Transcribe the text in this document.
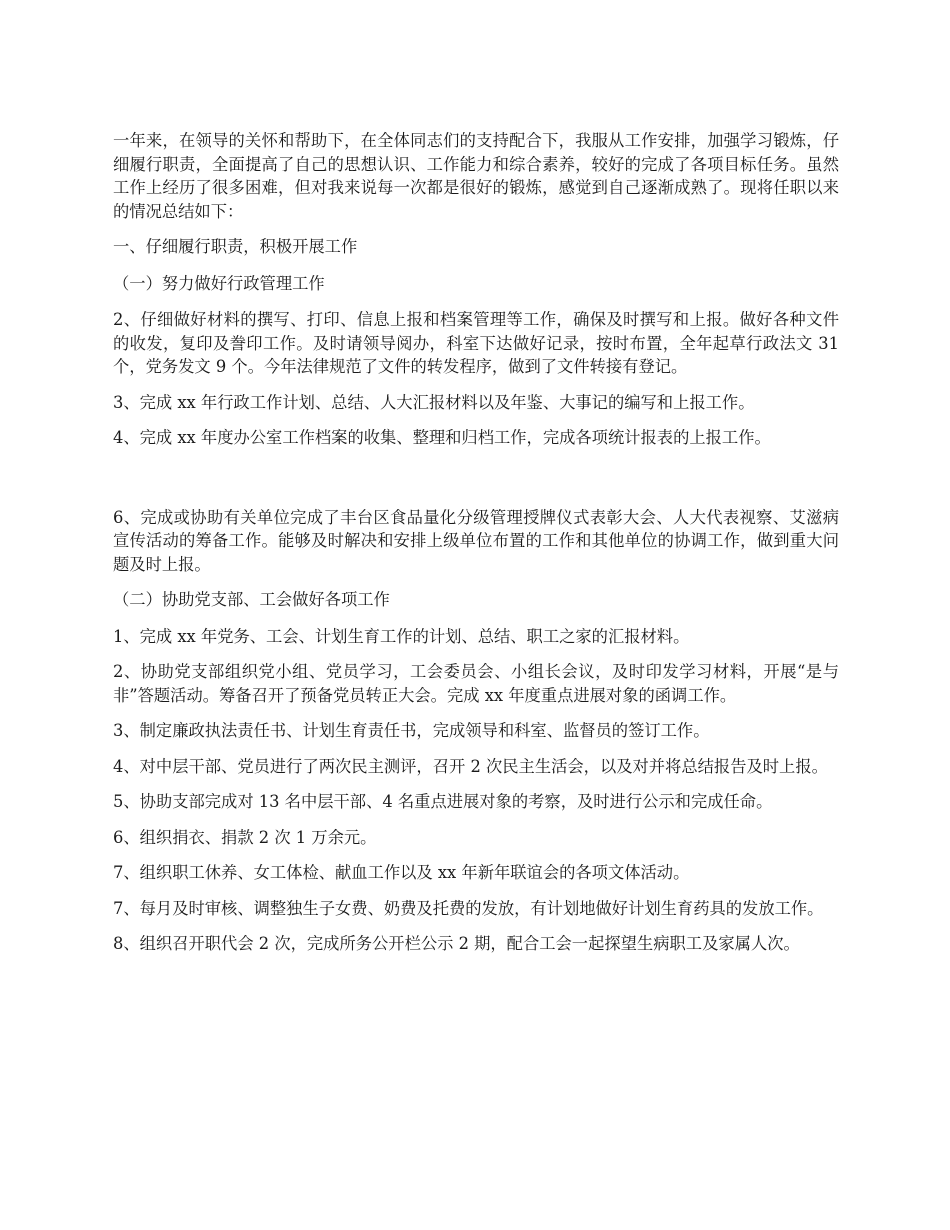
一年来，在领导的关怀和帮助下，在全体同志们的支持配合下，我服从工作安排，加强学习锻炼，仔细履行职责，全面提高了自己的思想认识、工作能力和综合素养，较好的完成了各项目标任务。虽然工作上经历了很多困难，但对我来说每一次都是很好的锻炼，感觉到自己逐渐成熟了。现将任职以来的情况总结如下：

一、仔细履行职责，积极开展工作

（一）努力做好行政管理工作

2、仔细做好材料的撰写、打印、信息上报和档案管理等工作，确保及时撰写和上报。做好各种文件的收发，复印及誊印工作。及时请领导阅办，科室下达做好记录，按时布置，全年起草行政法文 31 个，党务发文 9 个。今年法律规范了文件的转发程序，做到了文件转接有登记。

3、完成 xx 年行政工作计划、总结、人大汇报材料以及年鉴、大事记的编写和上报工作。

4、完成 xx 年度办公室工作档案的收集、整理和归档工作，完成各项统计报表的上报工作。

6、完成或协助有关单位完成了丰台区食品量化分级管理授牌仪式表彰大会、人大代表视察、艾滋病宣传活动的筹备工作。能够及时解决和安排上级单位布置的工作和其他单位的协调工作，做到重大问题及时上报。

（二）协助党支部、工会做好各项工作

1、完成 xx 年党务、工会、计划生育工作的计划、总结、职工之家的汇报材料。

2、协助党支部组织党小组、党员学习，工会委员会、小组长会议，及时印发学习材料，开展“是与非”答题活动。筹备召开了预备党员转正大会。完成 xx 年度重点进展对象的函调工作。

3、制定廉政执法责任书、计划生育责任书，完成领导和科室、监督员的签订工作。

4、对中层干部、党员进行了两次民主测评，召开 2 次民主生活会，以及对并将总结报告及时上报。

5、协助支部完成对 13 名中层干部、4 名重点进展对象的考察，及时进行公示和完成任命。

6、组织捐衣、捐款 2 次 1 万余元。

7、组织职工休养、女工体检、献血工作以及 xx 年新年联谊会的各项文体活动。

7、每月及时审核、调整独生子女费、奶费及托费的发放，有计划地做好计划生育药具的发放工作。

8、组织召开职代会 2 次，完成所务公开栏公示 2 期，配合工会一起探望生病职工及家属人次。
